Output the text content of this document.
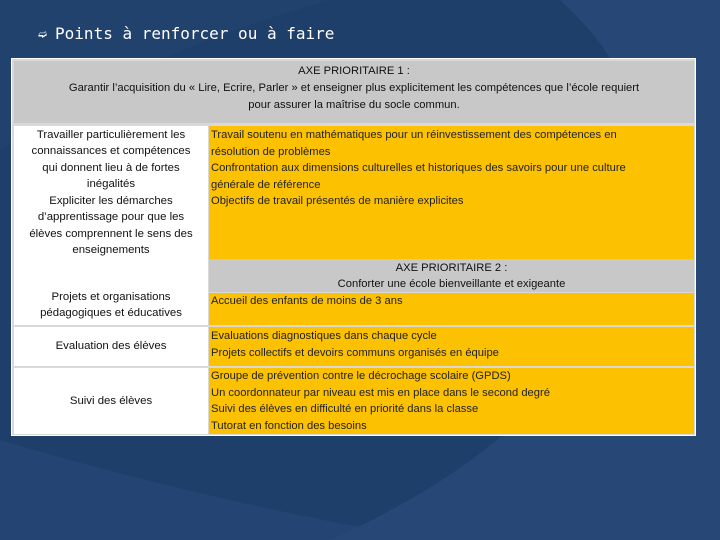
➫ Points à renforcer ou à faire
AXE PRIORITAIRE 1 :
Garantir l’acquisition du « Lire, Ecrire, Parler » et enseigner plus explicitement les compétences que l’école requiert
pour assurer la maîtrise du socle commun.
Travailler particulièrement les
connaissances et compétences
qui donnent lieu à de fortes
inégalités
Expliciter les démarches
d’apprentissage pour que les
élèves comprennent le sens des
enseignements
Travail soutenu en mathématiques pour un réinvestissement des compétences en
résolution de problèmes
Confrontation aux dimensions culturelles et historiques des savoirs pour une culture
générale de référence
Objectifs de travail présentés de manière explicites
AXE PRIORITAIRE 2 :
Conforter une école bienveillante et exigeante
Projets et organisations
pédagogiques et éducatives
Accueil des enfants de moins de 3 ans
Evaluation des élèves
Evaluations diagnostiques dans chaque cycle
Projets collectifs et devoirs communs organisés en équipe
Suivi des élèves
Groupe de prévention contre le décrochage scolaire (GPDS)
Un coordonnateur par niveau est mis en place dans le second degré
Suivi des élèves en difficulté en priorité dans la classe
Tutorat en fonction des besoins
